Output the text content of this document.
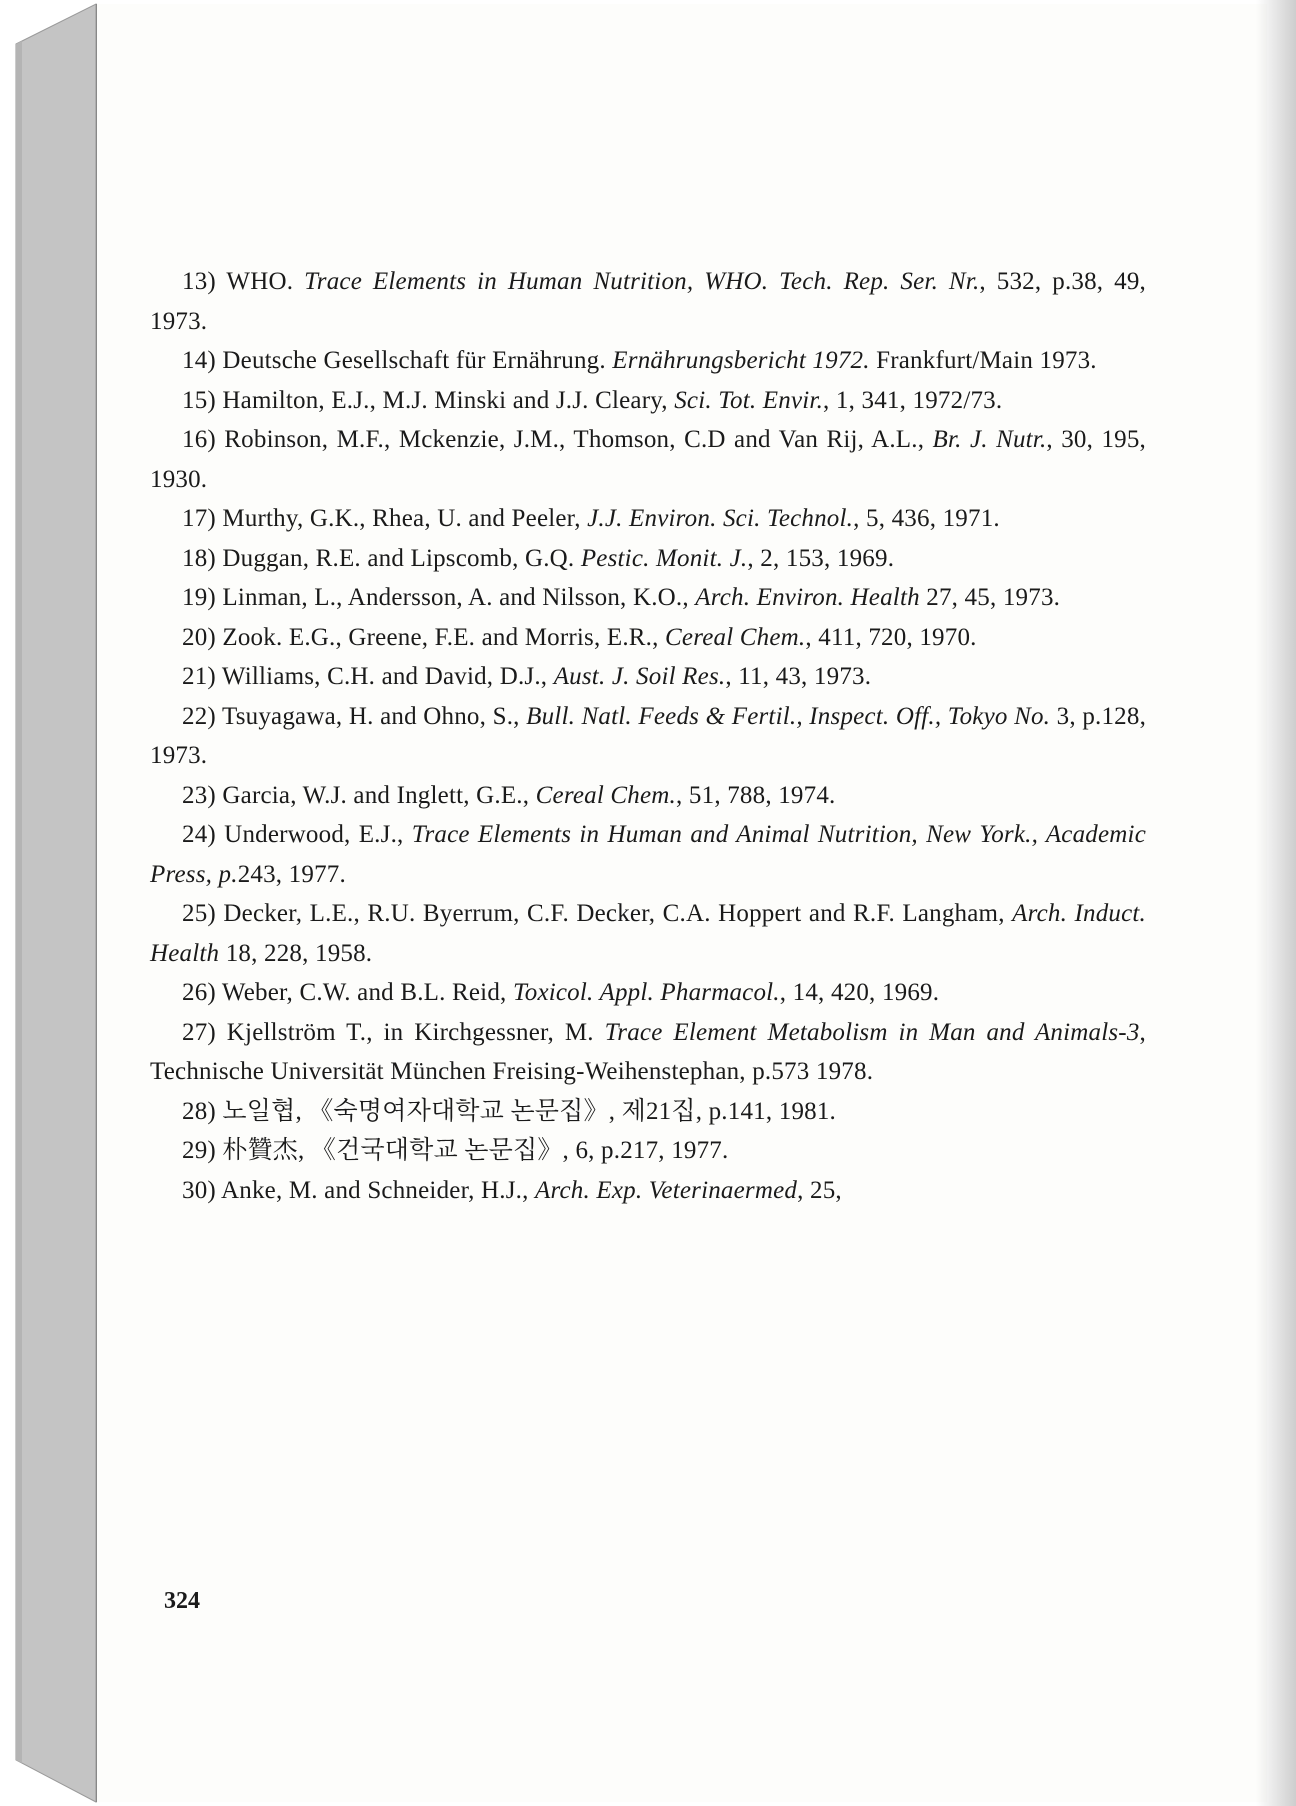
13) WHO. Trace Elements in Human Nutrition, WHO. Tech. Rep. Ser. Nr., 532, p.38, 49, 1973.

14) Deutsche Gesellschaft für Ernährung. Ernährungsbericht 1972. Frankfurt/Main 1973.

15) Hamilton, E.J., M.J. Minski and J.J. Cleary, Sci. Tot. Envir., 1, 341, 1972/73.

16) Robinson, M.F., Mckenzie, J.M., Thomson, C.D and Van Rij, A.L., Br. J. Nutr., 30, 195, 1930.

17) Murthy, G.K., Rhea, U. and Peeler, J.J. Environ. Sci. Technol., 5, 436, 1971.

18) Duggan, R.E. and Lipscomb, G.Q. Pestic. Monit. J., 2, 153, 1969.

19) Linman, L., Andersson, A. and Nilsson, K.O., Arch. Environ. Health 27, 45, 1973.

20) Zook. E.G., Greene, F.E. and Morris, E.R., Cereal Chem., 411, 720, 1970.

21) Williams, C.H. and David, D.J., Aust. J. Soil Res., 11, 43, 1973.

22) Tsuyagawa, H. and Ohno, S., Bull. Natl. Feeds & Fertil., Inspect. Off., Tokyo No. 3, p.128, 1973.

23) Garcia, W.J. and Inglett, G.E., Cereal Chem., 51, 788, 1974.

24) Underwood, E.J., Trace Elements in Human and Animal Nutrition, New York., Academic Press, p.243, 1977.

25) Decker, L.E., R.U. Byerrum, C.F. Decker, C.A. Hoppert and R.F. Langham, Arch. Induct. Health 18, 228, 1958.

26) Weber, C.W. and B.L. Reid, Toxicol. Appl. Pharmacol., 14, 420, 1969.

27) Kjellström T., in Kirchgessner, M. Trace Element Metabolism in Man and Animals-3, Technische Universität München Freising-Weihenstephan, p.573 1978.

28) 노일협, 《숙명여자대학교 논문집》, 제21집, p.141, 1981.

29) 朴贊杰, 《건국대학교 논문집》, 6, p.217, 1977.

30) Anke, M. and Schneider, H.J., Arch. Exp. Veterinaermed, 25,

324
